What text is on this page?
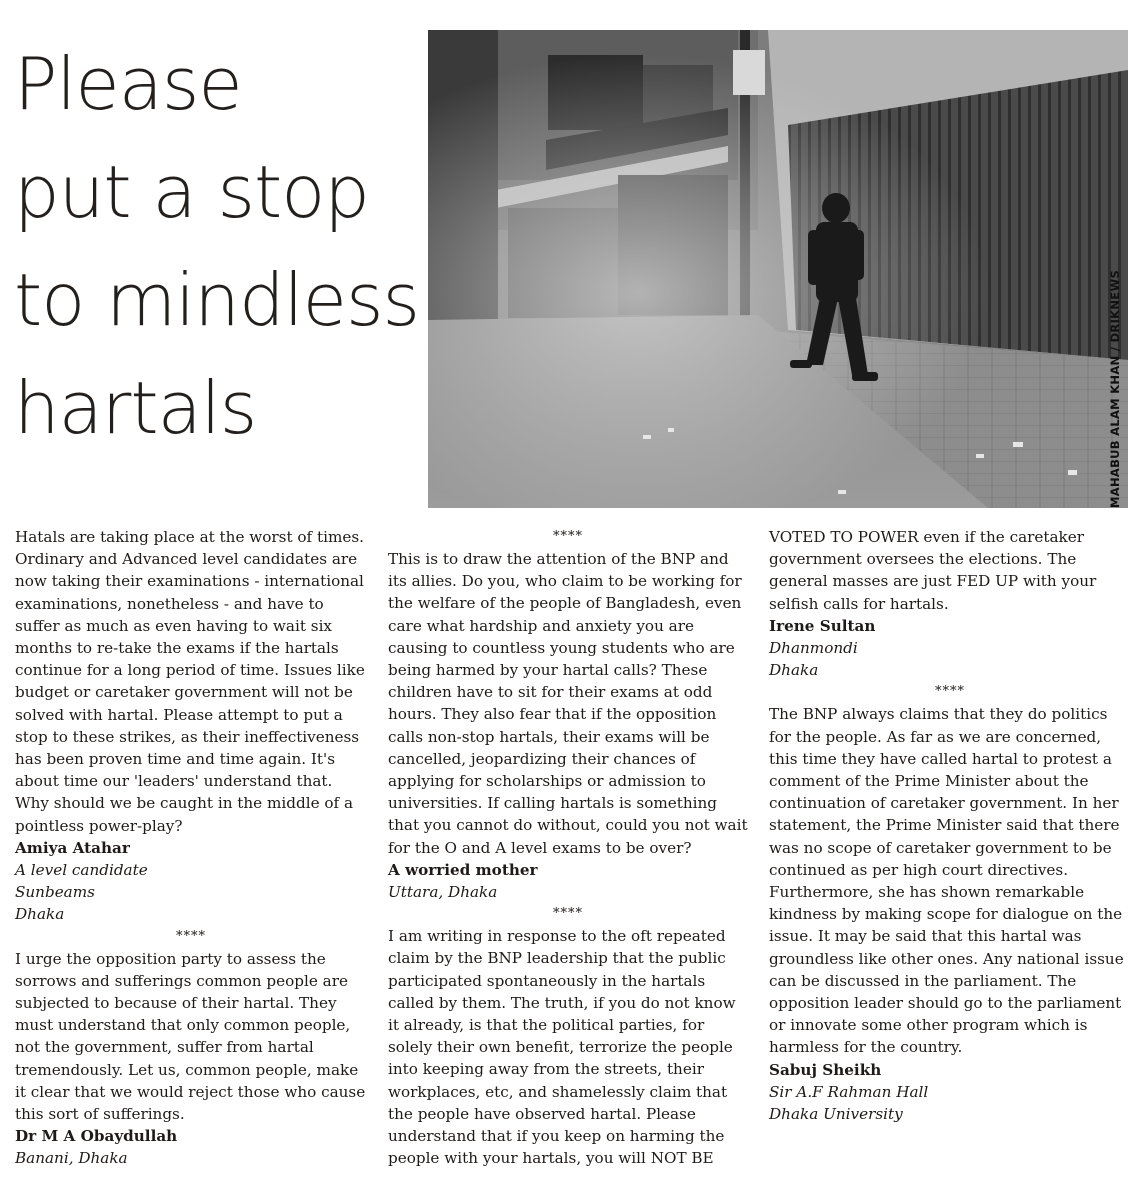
Please
put a stop
to mindless
hartals	MAHABUB ALAM KHAN / DRIKNEWS

Hatals are taking place at the worst of times. Ordinary and Advanced level candidates are now taking their examinations - international examinations, nonetheless - and have to suffer as much as even having to wait six months to re-take the exams if the hartals continue for a long period of time. Issues like budget or caretaker government will not be solved with hartal. Please attempt to put a stop to these strikes, as their ineffectiveness has been proven time and time again. It's about time our 'leaders' understand that. Why should we be caught in the middle of a pointless power-play?

Amiya Atahar

A level candidate

Sunbeams

Dhaka

****

I urge the opposition party to assess the sorrows and sufferings common people are subjected to because of their hartal. They must understand that only common people, not the government, suffer from hartal tremendously. Let us, common people, make it clear that we would reject those who cause this sort of sufferings.

Dr M A Obaydullah

Banani, Dhaka

****

This is to draw the attention of the BNP and its allies. Do you, who claim to be working for the welfare of the people of Bangladesh, even care what hardship and anxiety you are causing to countless young students who are being harmed by your hartal calls? These children have to sit for their exams at odd hours. They also fear that if the opposition calls non-stop hartals, their exams will be cancelled, jeopardizing their chances of applying for scholarships or admission to universities. If calling hartals is something that you cannot do without, could you not wait for the O and A level exams to be over?

A worried mother

Uttara, Dhaka

****

I am writing in response to the oft repeated claim by the BNP leadership that the public participated spontaneously in the hartals called by them. The truth, if you do not know it already, is that the political parties, for solely their own benefit, terrorize the people into keeping away from the streets, their workplaces, etc, and shamelessly claim that the people have observed hartal. Please understand that if you keep on harming the people with your hartals, you will NOT BE

VOTED TO POWER even if the caretaker government oversees the elections. The general masses are just FED UP with your selfish calls for hartals.

Irene Sultan

Dhanmondi

Dhaka

****

The BNP always claims that they do politics for the people. As far as we are concerned, this time they have called hartal to protest a comment of the Prime Minister about the continuation of caretaker government. In her statement, the Prime Minister said that there was no scope of caretaker government to be continued as per high court directives. Furthermore, she has shown remarkable kindness by making scope for dialogue on the issue. It may be said that this hartal was groundless like other ones. Any national issue can be discussed in the parliament. The opposition leader should go to the parliament or innovate some other program which is harmless for the country.

Sabuj Sheikh

Sir A.F Rahman Hall

Dhaka University
